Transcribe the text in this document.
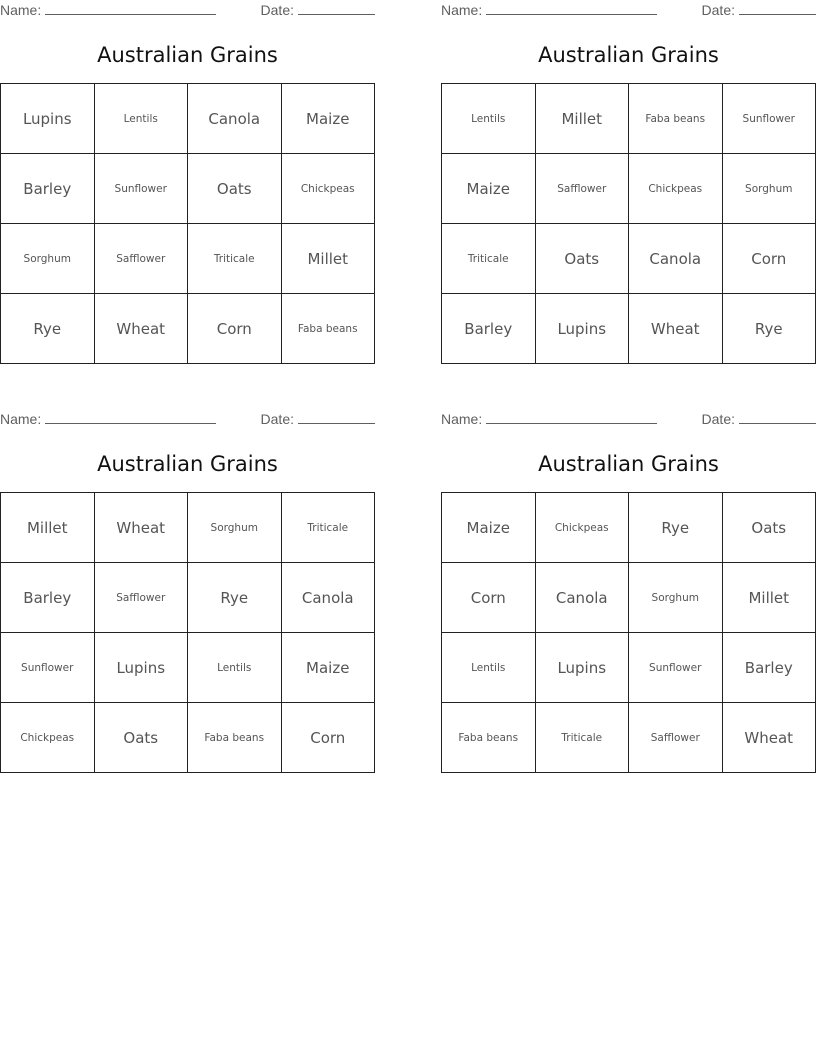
Name:	Date:
Australian Grains
Lupins	Lentils	Canola	Maize
Barley	Sunflower	Oats	Chickpeas
Sorghum	Safflower	Triticale	Millet
Rye	Wheat	Corn	Faba beans
Name:	Date:
Australian Grains
Lentils	Millet	Faba beans	Sunflower
Maize	Safflower	Chickpeas	Sorghum
Triticale	Oats	Canola	Corn
Barley	Lupins	Wheat	Rye
Name:	Date:
Australian Grains
Millet	Wheat	Sorghum	Triticale
Barley	Safflower	Rye	Canola
Sunflower	Lupins	Lentils	Maize
Chickpeas	Oats	Faba beans	Corn
Name:	Date:
Australian Grains
Maize	Chickpeas	Rye	Oats
Corn	Canola	Sorghum	Millet
Lentils	Lupins	Sunflower	Barley
Faba beans	Triticale	Safflower	Wheat
